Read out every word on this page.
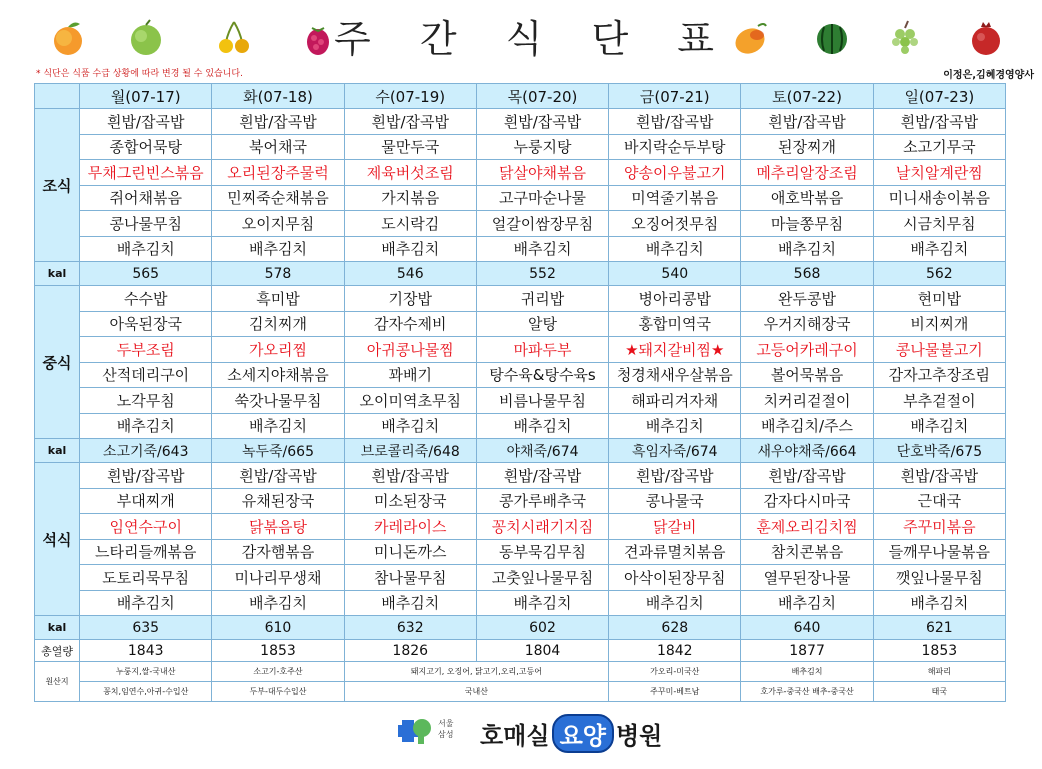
주 간 식 단 표
* 식단은 식품 수급 상황에 따라 변경 될 수 있습니다.	이정은,김혜경영양사
	월(07-17)	화(07-18)	수(07-19)	목(07-20)	금(07-21)	토(07-22)	일(07-23)
조식	흰밥/잡곡밥	흰밥/잡곡밥	흰밥/잡곡밥	흰밥/잡곡밥	흰밥/잡곡밥	흰밥/잡곡밥	흰밥/잡곡밥
	종합어묵탕	북어채국	물만두국	누룽지탕	바지락순두부탕	된장찌개	소고기무국
	무채그린빈스볶음	오리된장주물럭	제육버섯조림	닭살야채볶음	양송이우불고기	메추리알장조림	날치알계란찜
	쥐어채볶음	민찌죽순채볶음	가지볶음	고구마순나물	미역줄기볶음	애호박볶음	미니새송이볶음
	콩나물무침	오이지무침	도시락김	얼갈이쌈장무침	오징어젓무침	마늘쫑무침	시금치무침
	배추김치	배추김치	배추김치	배추김치	배추김치	배추김치	배추김치
kal	565	578	546	552	540	568	562
중식	수수밥	흑미밥	기장밥	귀리밥	병아리콩밥	완두콩밥	현미밥
	아욱된장국	김치찌개	감자수제비	알탕	홍합미역국	우거지해장국	비지찌개
	두부조림	가오리찜	아귀콩나물찜	마파두부	★돼지갈비찜★	고등어카레구이	콩나물불고기
	산적데리구이	소세지야채볶음	꽈배기	탕수육&탕수육s	청경채새우살볶음	볼어묵볶음	감자고추장조림
	노각무침	쑥갓나물무침	오이미역초무침	비름나물무침	해파리겨자채	치커리겉절이	부추겉절이
	배추김치	배추김치	배추김치	배추김치	배추김치	배추김치/주스	배추김치
kal	소고기죽/643	녹두죽/665	브로콜리죽/648	야채죽/674	흑임자죽/674	새우야채죽/664	단호박죽/675
석식	흰밥/잡곡밥	흰밥/잡곡밥	흰밥/잡곡밥	흰밥/잡곡밥	흰밥/잡곡밥	흰밥/잡곡밥	흰밥/잡곡밥
	부대찌개	유채된장국	미소된장국	콩가루배추국	콩나물국	감자다시마국	근대국
	임연수구이	닭볶음탕	카레라이스	꽁치시래기지짐	닭갈비	훈제오리김치찜	주꾸미볶음
	느타리들깨볶음	감자햄볶음	미니돈까스	동부묵김무침	견과류멸치볶음	참치콘볶음	들깨무나물볶음
	도토리묵무침	미나리무생채	참나물무침	고춧잎나물무침	아삭이된장무침	열무된장나물	깻잎나물무침
	배추김치	배추김치	배추김치	배추김치	배추김치	배추김치	배추김치
kal	635	610	632	602	628	640	621
총열량	1843	1853	1826	1804	1842	1877	1853
원산지	누룽지,쌀-국내산	소고기-호주산	돼지고기, 오징어, 닭고기,오리,고등어		가오리-미국산	배추김치	해파리
	꽁치,임연수,아귀-수입산	두부-대두수입산	국내산		주꾸미-베트남	호가루-중국산 배추-중국산	태국
서울
삼성 호매실 요양 병원
